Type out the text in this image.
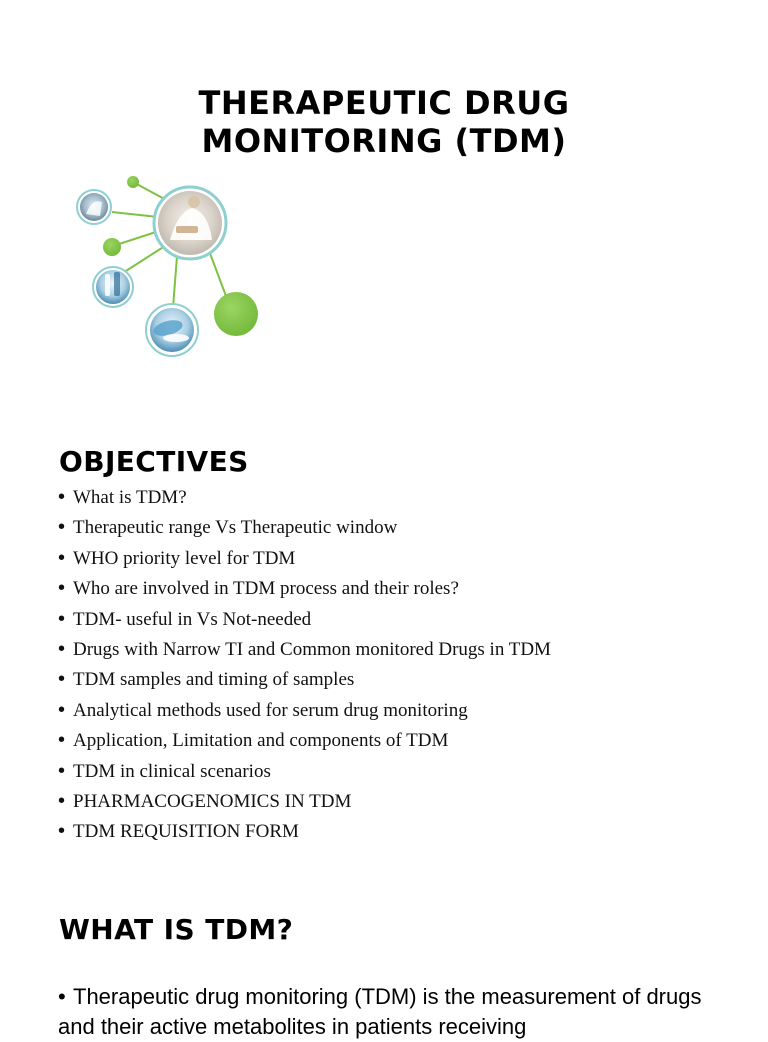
THERAPEUTIC DRUG
MONITORING (TDM)
OBJECTIVES
• What is TDM?
• Therapeutic range Vs Therapeutic window
• WHO priority level for TDM
• Who are involved in TDM process and their roles?
• TDM- useful in Vs Not-needed
• Drugs with Narrow TI and Common monitored Drugs in TDM
• TDM samples and timing of samples
• Analytical methods used for serum drug monitoring
• Application, Limitation and components of TDM
• TDM in clinical scenarios
• PHARMACOGENOMICS IN TDM
• TDM REQUISITION FORM
WHAT IS TDM?
• Therapeutic drug monitoring (TDM) is the measurement of drugs and their active metabolites in patients receiving
